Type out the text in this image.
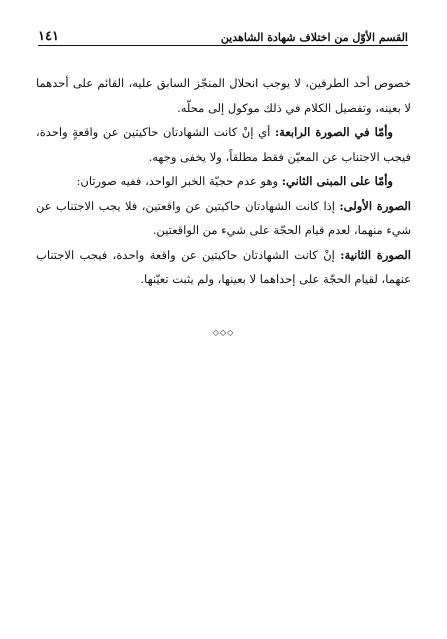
القسم الأوّل من اختلاف شهادة الشاهدين
١٤١

خصوص أحد الطرفين، لا يوجب انحلال المنجّز السابق عليه، القائم على أحدهما لا بعينه، وتفصيل الكلام في ذلك موكول إلى محلّه.

وأمّا في الصورة الرابعة: أي إنْ كانت الشهادتان حاكيتين عن واقعةٍ واحدة، فيجب الاجتناب عن المعيّن فقط مطلقاً، ولا يخفى وجهه.

وأمّا على المبنى الثاني: وهو عدم حجيّة الخبر الواحد، ففيه صورتان:

الصورة الأولى: إذا كانت الشهادتان حاكيتين عن واقعتين، فلا يجب الاجتناب عن شيء منهما، لعدم قيام الحجّة على شيء من الواقعتين.

الصورة الثانية: إنْ كانت الشهادتان حاكيتين عن واقعة واحدة، فيجب الاجتناب عنهما، لقيام الحجّة على إحداهما لا بعينها، ولم يثبت تعيّنها.

◇◇◇
